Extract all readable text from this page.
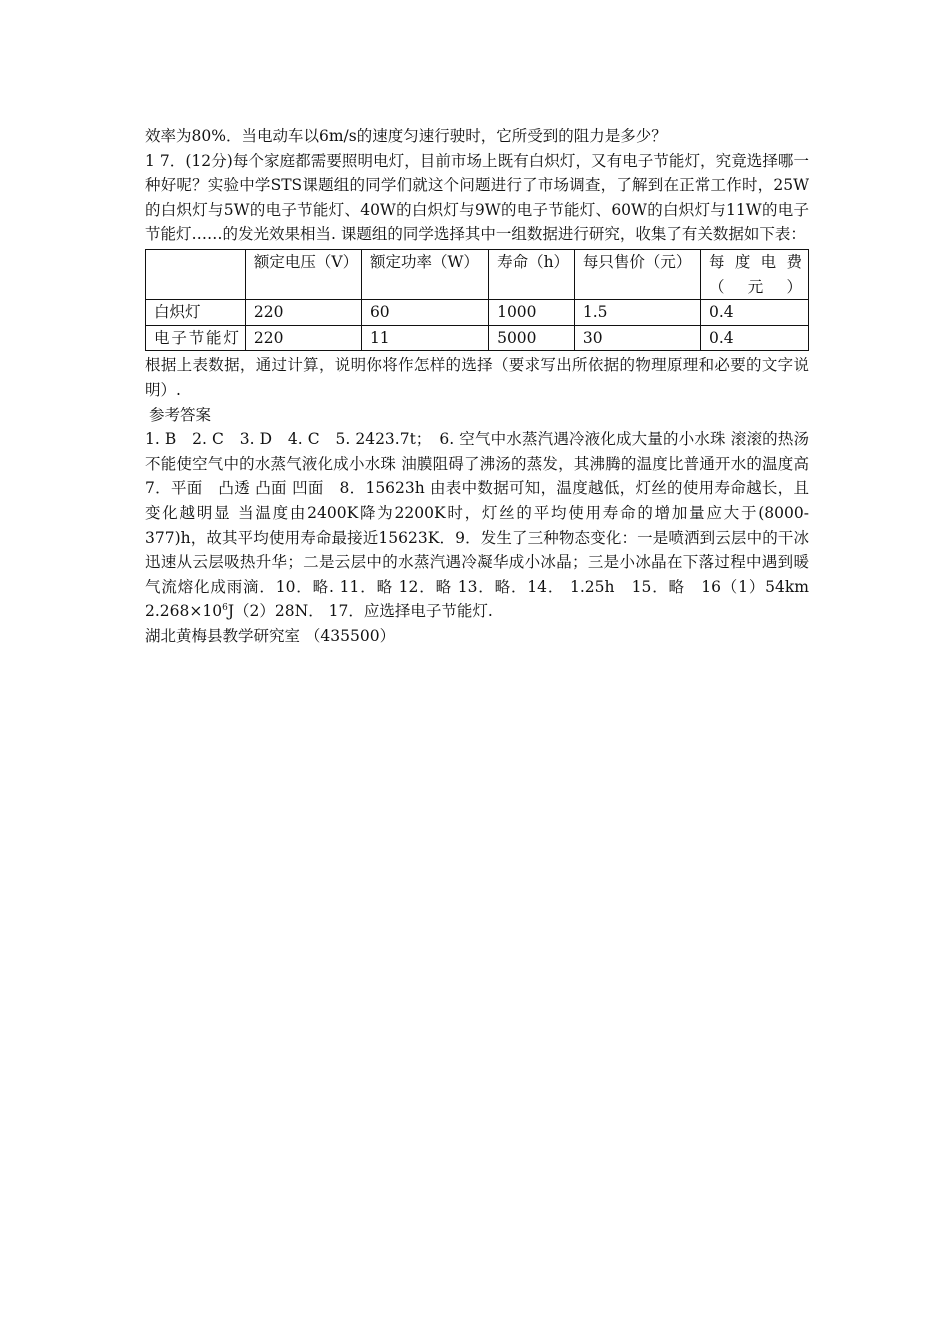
效率为80%．当电动车以6m/s的速度匀速行驶时，它所受到的阻力是多少？

1 7．(12分)每个家庭都需要照明电灯，目前市场上既有白炽灯，又有电子节能灯，究竟选择哪一种好呢？实验中学STS课题组的同学们就这个问题进行了市场调查，了解到在正常工作时，25W的白炽灯与5W的电子节能灯、40W的白炽灯与9W的电子节能灯、60W的白炽灯与11W的电子节能灯……的发光效果相当. 课题组的同学选择其中一组数据进行研究，收集了有关数据如下表：

	额定电压（V）	额定功率（W）	寿命（h）	每只售价（元）	每度电费（元）
白炽灯	220	60	1000	1.5	0.4
电子节能灯	220	11	5000	30	0.4

根据上表数据，通过计算，说明你将作怎样的选择（要求写出所依据的物理原理和必要的文字说明）.

参考答案

1. B　2. C　3. D　4. C　5. 2423.7t；　6. 空气中水蒸汽遇冷液化成大量的小水珠 滚滚的热汤不能使空气中的水蒸气液化成小水珠 油膜阻碍了沸汤的蒸发，其沸腾的温度比普通开水的温度高　7．平面　凸透 凸面 凹面　8．15623h 由表中数据可知，温度越低，灯丝的使用寿命越长，且变化越明显 当温度由2400K降为2200K时，灯丝的平均使用寿命的增加量应大于(8000-377)h，故其平均使用寿命最接近15623K．9．发生了三种物态变化：一是喷洒到云层中的干冰迅速从云层吸热升华；二是云层中的水蒸汽遇冷凝华成小冰晶；三是小冰晶在下落过程中遇到暖气流熔化成雨滴．10．略. 11．略 12．略 13．略．14． 1.25h　15．略　16（1）54km $2.268\times 10^6J(2)28N$． 17．应选择电子节能灯.

湖北黄梅县教学研究室 （435500）
